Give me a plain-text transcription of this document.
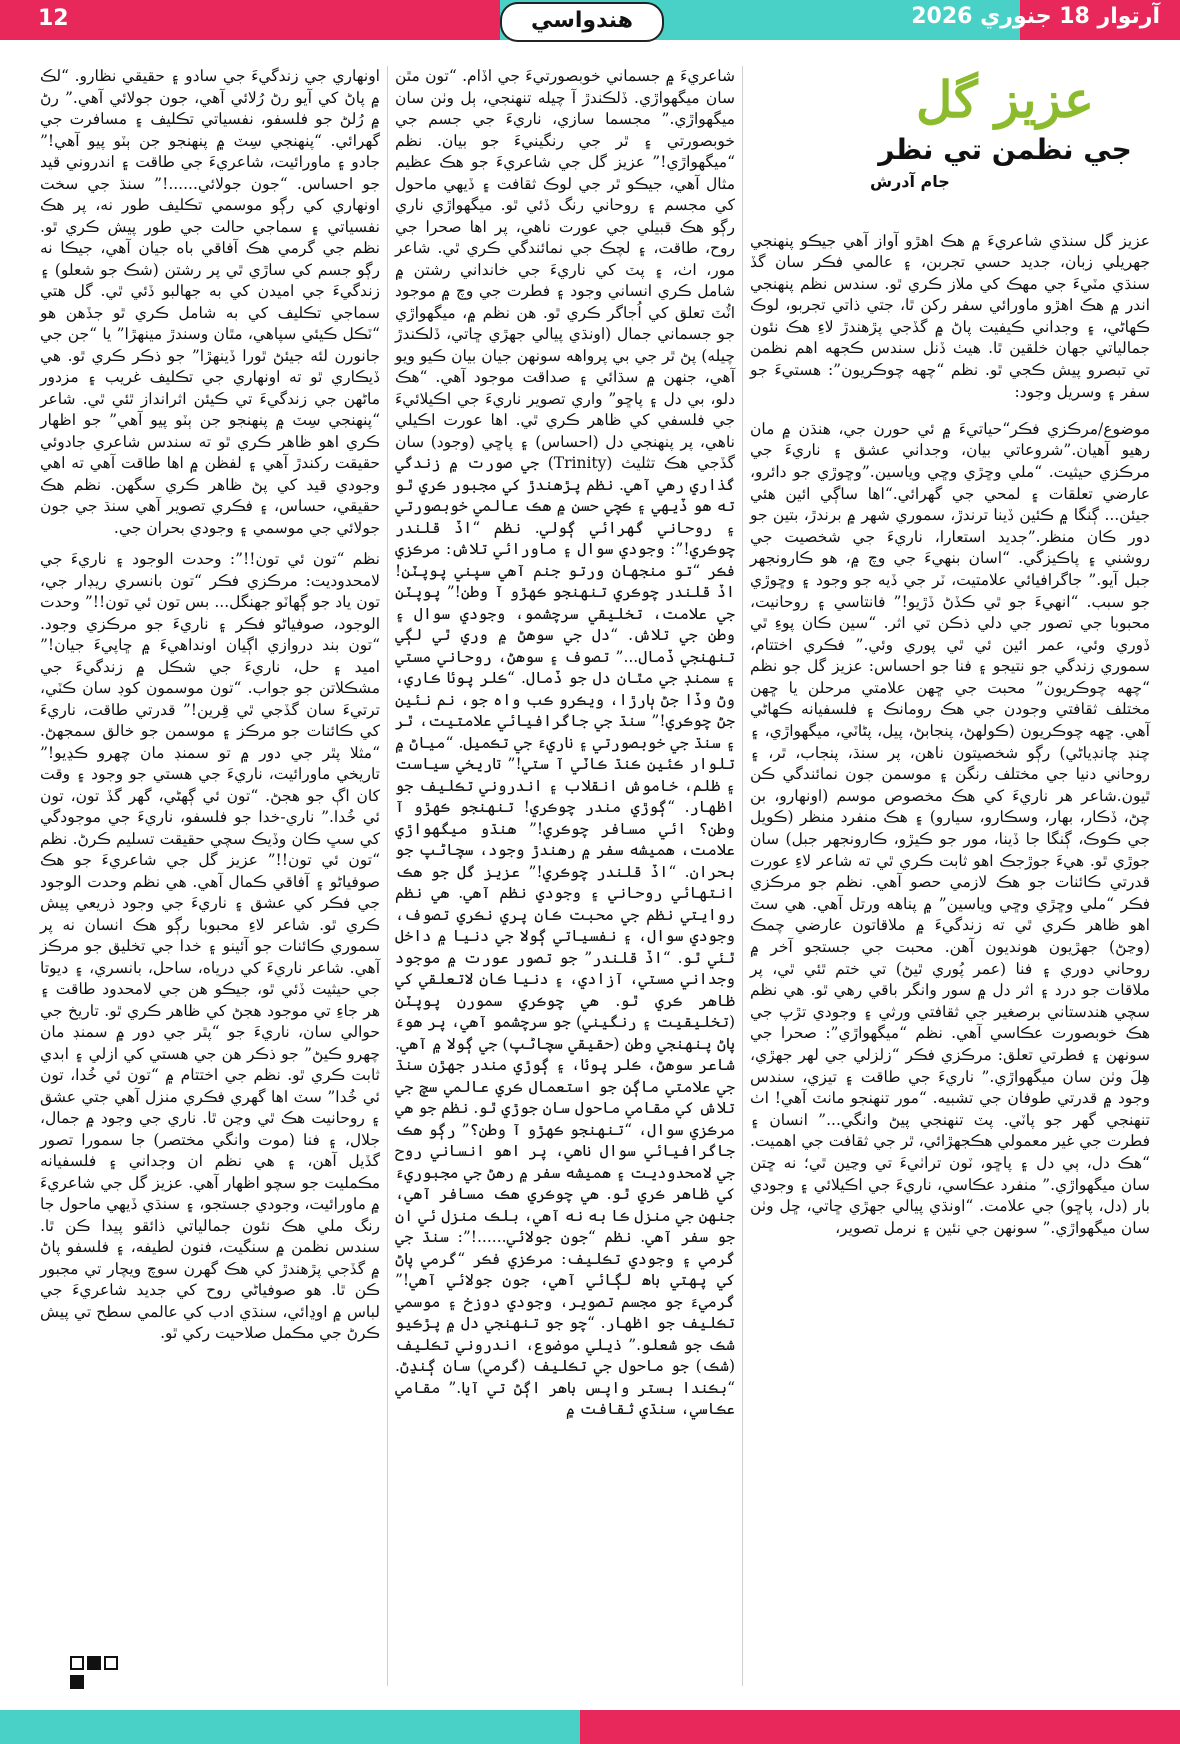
12	هندواسي	آرتوار 18 جنوري 2026
عزيز گل
جي نظمن تي نظر
جام آدرش

عزيز گل سنڌي شاعريءَ ۾ هڪ اهڙو آواز آهي جيڪو پنهنجي جهريلي زبان، جديد حسي تجربن، ۽ عالمي فڪر سان گڏ سنڌي مٽيءَ جي مهڪ کي ملاز ڪري ٿو. سندس نظم پنهنجي اندر ۾ هڪ اهڙو ماورائي سفر رکن ٿا، جتي ذاتي تجربو، لوڪ ڪهاڻي، ۽ وجداني ڪيفيت پاڻ ۾ گڏجي پڙهندڙ لاءِ هڪ نئون جمالياتي جهان خلقين ٿا. هيٺ ڏنل سندس ڪجهه اهم نظمن تي تبصرو پيش ڪجي ٿو. نظم “چهه چوڪريون”: هستيءَ جو سفر ۽ وسريل وجود:

موضوع/مرڪزي فڪر“حياتيءَ ۾ ئي حورن جي، هنڌن ۾ مان رهيو آهيان.”شروعاتي بيان، وجداني عشق ۽ ناريءَ جي مرڪزي حيثيت. “ملي وڇڙي وڇي وياسين.”وڇوڙي جو دائرو، عارضي تعلقات ۽ لمحي جي گهرائي.“اها ساڳي ائين هئي جيئن... ڳنگا ۾ ڪئين ڏينا ترندڙ، سموري شهر ۾ برندڙ، بتين جو دور ڪان منظر.”جديد استعارا، ناريءَ جي شخصيت جي روشني ۽ پاڪيزگي. “اسان بنهيءَ جي وچ ۾، هو ڪارونجهر جبل آيو.” جاگرافيائي علامتيت، ٽر جي ڏيه جو وجود ۽ وڇوڙي جو سبب. “انهيءَ جو ٿي ڪڏڻ ڏڙيو!” فانتاسي ۽ روحانيت، محبوبا جي تصور جي دلي ذڪن تي اثر. “سين ڪان پوءِ ٿي ڏوري وئي، عمر ائين ئي ٿي پوري وئي.” فڪري اختتام، سموري زندگي جو نتيجو ۽ فنا جو احساس: عزيز گل جو نظم “چهه چوڪريون” محبت جي ڇهن علامتي مرحلن يا ڇهن مختلف ثقافتي وجودن جي هڪ رومانڪ ۽ فلسفيانه ڪهاڻي آهي. ڇهه چوڪريون (ڪولهڻ، پنجابڻ، پيل، پڻاٽي، ميگهواڙي، ۽ چنڊ چانڊياڻي) رڳو شخصيتون ناهن، پر سنڌ، پنجاب، ٿر، ۽ روحاني دنيا جي مختلف رنگن ۽ موسمن جون نمائندگي ڪن ٿيون.شاعر هر ناريءَ کي هڪ مخصوص موسم (اونهارو، بن چڻ، ڏڪار، بهار، وسڪارو، سيارو) ۽ هڪ منفرد منظر (ڪويل جي ڪوڪ، ڳنگا جا ڏينا، مور جو ڪيڙو، ڪارونجهر جبل) سان جوڙي ٿو. هيءَ جوڙجڪ اهو ثابت ڪري ٿي ته شاعر لاءِ عورت قدرتي ڪائنات جو هڪ لازمي حصو آهي. نظم جو مرڪزي فڪر “ملي وڇڙي وڇي وياسين” ۾ پناهه ورتل آهي. هي سٽ اهو ظاهر ڪري ٿي ته زندگيءَ ۾ ملاقاتون عارضي چمڪ (وڃڻ) جهڙيون هونديون آهن. محبت جي جستجو آخر ۾ روحاني دوري ۽ فنا (عمر پُوري ٿيڻ) تي ختم ٿئي ٿي، پر ملاقات جو درد ۽ اثر دل ۾ سور وانگر باقي رهي ٿو. هي نظم سچي هندستاني برصغير جي ثقافتي ورثي ۽ وجودي تڙپ جي هڪ خوبصورت عڪاسي آهي. نظم “ميگهواڙي”: صحرا جي سونهن ۽ فطرتي تعلق: مرڪزي فڪر “زلزلي جي لهر جهڙي، هِلَ وٺن سان ميگهواڙي.” ناريءَ جي طاقت ۽ تيزي، سندس وجود ۾ قدرتي طوفان جي تشبيه. “مور تنهنجو مانٽ آهي! اٺ تنهنجي گهر جو پاٽي. پٽ تنهنجي پيڻ وانگي...” انسان ۽ فطرت جي غير معمولي هڪجهڙائي، ٿر جي ثقافت جي اهميت. “هڪ دل، ٻي دل ۽ پاڇو، ٽون تراٺيءَ تي وڃين ٿي؛ نه ڇتن سان ميگهواڙي.” منفرد عڪاسي، ناريءَ جي اڪيلائي ۽ وجودي بار (دل، پاڇو) جي علامت. “اونڌي پيالي جهڙي ڇاتي، ڇل وٺن سان ميگهواڙي.” سونهن جي نئين ۽ نرمل تصوير،

شاعريءَ ۾ جسماني خوبصورتيءَ جي اڏام. “تون مٿن سان ميگهواڙي. ڏلڪندڙ آ چيله تنهنجي، ٻل وٺن سان ميگهواڙي.” مجسما سازي، ناريءَ جي جسم جي خوبصورتي ۽ ٿر جي رنگينيءَ جو بيان. نظم “ميگهواڙي!” عزيز گل جي شاعريءَ جو هڪ عظيم مثال آهي، جيڪو ٿر جي لوڪ ثقافت ۽ ڏيهي ماحول کي مجسم ۽ روحاني رنگ ڏئي ٿو. ميگهواڙي ناري رڳو هڪ قبيلي جي عورت ناهي، پر اها صحرا جي روح، طاقت، ۽ لچڪ جي نمائندگي ڪري ٿي. شاعر مور، اٺ، ۽ پٽ کي ناريءَ جي خانداني رشتن ۾ شامل ڪري انساني وجود ۽ فطرت جي وچ ۾ موجود اٽُٽ تعلق کي اُجاگر ڪري ٿو. هن نظم ۾، ميگهواڙي جو جسماني جمال (اونڌي پيالي جهڙي ڇاتي، ڏلڪندڙ چيله) پڻ ٿر جي بي پرواهه سونهن جيان بيان ڪيو ويو آهي، جنهن ۾ سڌائي ۽ صداقت موجود آهي. “هڪ دلو، بي دل ۽ پاڇو” واري تصوير ناريءَ جي اڪيلائيءَ جي فلسفي کي ظاهر ڪري ٿي. اها عورت اڪيلي ناهي، پر پنهنجي دل (احساس) ۽ پاڇي (وجود) سان گڏجي هڪ تثليث (Trinity) جي صورت ۾ زندگي گذاري رهي آهي. نظم پڙهندڙ کي مجبور ڪري ٿو ته هو ڏيهي ۽ ڪچي حسن ۾ هڪ عالمي خوبصورتي ۽ روحاني گهرائي ڳولي. نظم “اڏ قلندر چوڪري!”: وجودي سوال ۽ ماورائي تلاش: مرڪزي فڪر “تو منجهان ورتو جنم آهي سپني پوپٽن! اڏ قلندر چوڪري تنهنجو ڪهڙو آ وطن!” پوپٽن جي علامت، تخليقي سرچشمو، وجودي سوال ۽ وطن جي تلاش. “دل جي سوهڻ ۾ وري ٿي لڳي تنهنجي ڏمال...” تصوف ۽ سوهڻ، روحاني مستي ۽ سمنڊ جي مٿان دل جو ڏمال. “ڪلر پوئا ڪاري، وڻ وڏا جڻ ٻارڙا، ويڪرو ڪب واه جو، نم نئين جڻ چوڪري!” سنڌ جي جاگرافيائي علامتيت، ٿر ۽ سنڌ جي خوبصورتي ۽ ناريءَ جي تڪميل. “مياڻ ۾ تلوار ڪئين ڪنڌ ڪاٽي آ ستي!” تاريخي سياست ۽ ظلم، خاموش انقلاب ۽ اندروني تڪليف جو اظهار. “ڳوڙي مندر چوڪري! تنهنجو ڪهڙو آ وطن؟ ائي مسافر چوڪري!” هنڌو ميگهواڙي علامت، هميشه سفر ۾ رهندڙ وجود، سچاڻپ جو بحران. “اڏ قلندر چوڪري!” عزيز گل جو هڪ انتهائي روحاني ۽ وجودي نظم آهي. هي نظم روايتي نظم جي محبت ڪان پري نڪري تصوف، وجودي سوال، ۽ نفسياتي ڳولا جي دنيا ۾ داخل ٿئي ٿو. “اڏ قلندر” جو تصور عورت ۾ موجود وجداني مستي، آزادي، ۽ دنيا ڪان لاتعلقي کي ظاهر ڪري ٿو. هي چوڪري سمورن پوپٽن (تخليقيت ۽ رنگيني) جو سرچشمو آهي، پر هوءَ پاڻ پنهنجي وطن (حقيقي سچاڻپ) جي ڳولا ۾ آهي. شاعر سوهڻ، ڪلر پوئا، ۽ ڳوڙي مندر جهڙن سنڌ جي علامتي ماڳن جو استعمال ڪري عالمي سچ جي تلاش کي مقامي ماحول سان جوڙي ٿو. نظم جو هي مرڪزي سوال، “تنهنجو ڪهڙو آ وطن؟” رڳو هڪ جاگرافيائي سوال ناهي، پر اهو انساني روح جي لامحدوديت ۽ هميشه سفر ۾ رهڻ جي مجبوريءَ کي ظاهر ڪري ٿو. هي چوڪري هڪ مسافر آهي، جنهن جي منزل ڪا به نه آهي، بلڪ منزل ئي ان جو سفر آهي. نظم “جون جولائي......!”: سنڌ جي گرمي ۽ وجودي تڪليف: مرڪزي فڪر “گرمي پاڻ کي پهتي باھ لڳائي آهي، جون جولائي آهي!” گرميءَ جو مجسم تصوير، وجودي دوزخ ۽ موسمي تڪليف جو اظهار. “چو جو تنهنجي دل ۾ پڙڪيو شڪ جو شعلو.” ذيلي موضوع، اندروني تڪليف (شڪ) جو ماحول جي تڪليف (گرمي) سان ڳنڍڻ. “بڪندا بستر واپس باهر اڳڻ تي آيا.” مقامي عڪاسي، سنڌي ثقافت ۾

اونهاري جي زندگيءَ جي سادو ۽ حقيقي نظارو. “لڪ ۾ پاڻ کي آيو رڻ رُلائي آهي، جون جولائي آهي.” رڻ ۾ رُلڻ جو فلسفو، نفسياتي تڪليف ۽ مسافرت جي گهرائي. “پنهنجي سِٽ ۾ پنهنجو جن ٻٽو پيو آهي!” جادو ۽ ماورائيت، شاعريءَ جي طاقت ۽ اندروني قيد جو احساس. “جون جولائي......!” سنڌ جي سخت اونهاري کي رڳو موسمي تڪليف طور نه، پر هڪ نفسياتي ۽ سماجي حالت جي طور پيش ڪري ٿو. نظم جي گرمي هڪ آفاقي باه جيان آهي، جيڪا نه رڳو جسم کي ساڙي ٿي پر رشتن (شڪ جو شعلو) ۽ زندگيءَ جي اميدن کي به جهالبو ڏئي ٿي. گل هتي سماجي تڪليف کي به شامل ڪري ٿو جڏهن هو “ٽڪل ڪيئي سپاهي، مٿان وسندڙ مينهڙا” يا “جن جي جانورن لئه جيئڻ ٿورا ڏينهڙا” جو ذڪر ڪري ٿو. هي ڏيڪاري ٿو ته اونهاري جي تڪليف غريب ۽ مزدور ماڻهن جي زندگيءَ تي ڪيئن اثرانداز ٿئي ٿي. شاعر “پنهنجي سِٽ ۾ پنهنجو جن ٻٽو پيو آهي” جو اظهار ڪري اهو ظاهر ڪري ٿو ته سندس شاعري جادوئي حقيقت رکندڙ آهي ۽ لفظن ۾ اها طاقت آهي ته اهي وجودي قيد کي پڻ ظاهر ڪري سگهن. نظم هڪ حقيقي، حساس، ۽ فڪري تصوير آهي سنڌ جي جون جولائي جي موسمي ۽ وجودي بحران جي.

نظم “تون ئي تون!!”: وحدت الوجود ۽ ناريءَ جي لامحدوديت: مرڪزي فڪر “تون بانسري ريڊار جي، تون ياد جو ڳهاٽو جهنگل... بس تون ئي تون!!” وحدت الوجود، صوفياڻو فڪر ۽ ناريءَ جو مرڪزي وجود. “تون بند دروازي اڳيان اونداهيءَ ۾ ڇاپيءَ جيان!” اميد ۽ حل، ناريءَ جي شڪل ۾ زندگيءَ جي مشڪلاتن جو جواب. “تون موسمون کوڊ سان ڪٽي، ترتيءَ سان گڏجي ٿي قِرين!” قدرتي طاقت، ناريءَ کي ڪائنات جو مرڪز ۽ موسمن جو خالق سمجهڻ. “مثلا پٿر جي دور ۾ تو سمنڊ مان چهرو ڪڍيو!” تاريخي ماورائيت، ناريءَ جي هستي جو وجود ۽ وقت کان اڳ جو هجڻ. “تون ئي ڳهڻي، گهر گڏ تون، تون ئي خُدا.” ناري-خدا جو فلسفو، ناريءَ جي موجودگي کي سڀ ڪان وڏيڪ سچي حقيقت تسليم ڪرڻ. نظم “تون ئي تون!!” عزيز گل جي شاعريءَ جو هڪ صوفياڻو ۽ آفاقي ڪمال آهي. هي نظم وحدت الوجود جي فڪر کي عشق ۽ ناريءَ جي وجود ذريعي پيش ڪري ٿو. شاعر لاءِ محبوبا رڳو هڪ انسان نه پر سموري ڪائنات جو آئينو ۽ خدا جي تخليق جو مرڪز آهي. شاعر ناريءَ کي درياه، ساحل، بانسري، ۽ ديوتا جي حيثيت ڏئي ٿو، جيڪو هن جي لامحدود طاقت ۽ هر جاءِ تي موجود هجڻ کي ظاهر ڪري ٿو. تاريخ جي حوالي سان، ناريءَ جو “پٿر جي دور ۾ سمنڊ مان چهرو ڪيڻ” جو ذڪر هن جي هستي کي ازلي ۽ ابدي ثابت ڪري ٿو. نظم جي اختتام ۾ “تون ئي خُدا، تون ئي خُدا” سٽ اها گهري فڪري منزل آهي جتي عشق ۽ روحانيت هڪ ٿي وڃن ٿا. ناري جي وجود ۾ جمال، جلال، ۽ فنا (موت وانگي مختصر) جا سمورا تصور گڏيل آهن، ۽ هي نظم ان وجداني ۽ فلسفيانه مڪمليت جو سچو اظهار آهي. عزيز گل جي شاعريءَ ۾ ماورائيت، وجودي جستجو، ۽ سنڌي ڏيهي ماحول جا رنگ ملي هڪ نئون جمالياتي ذائقو پيدا ڪن ٿا. سندس نظمن ۾ سنگيت، فنون لطيفه، ۽ فلسفو پاڻ ۾ گڏجي پڙهندڙ کي هڪ گهرن سوچ ويچار تي مجبور ڪن ٿا. هو صوفياڻي روح کي جديد شاعريءَ جي لباس ۾ اوڍائي، سنڌي ادب کي عالمي سطح تي پيش ڪرڻ جي مڪمل صلاحيت رکي ٿو.
